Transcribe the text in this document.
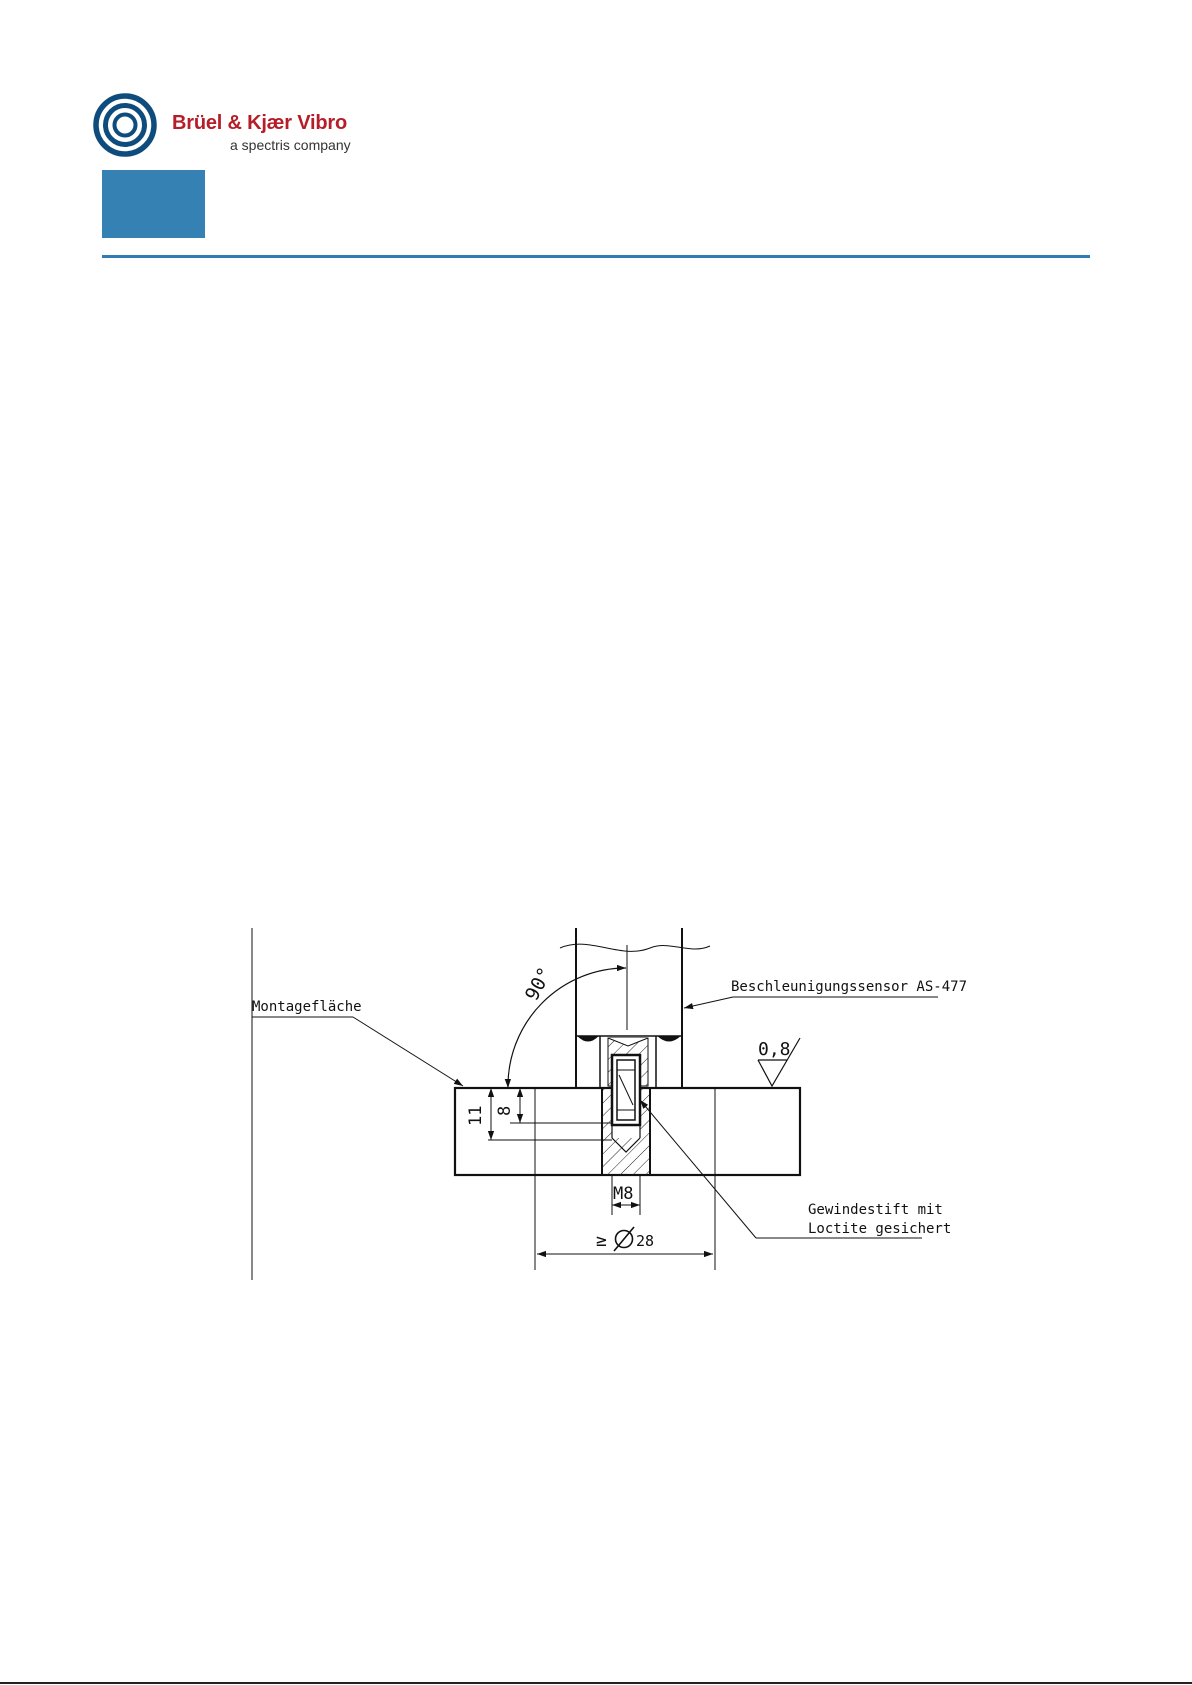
Brüel & Kjær Vibro
a spectris company
90°
Montagefläche
Beschleunigungssensor AS-477
0,8
11 8
M8
≥ 28
Gewindestift mit
Loctite gesichert
